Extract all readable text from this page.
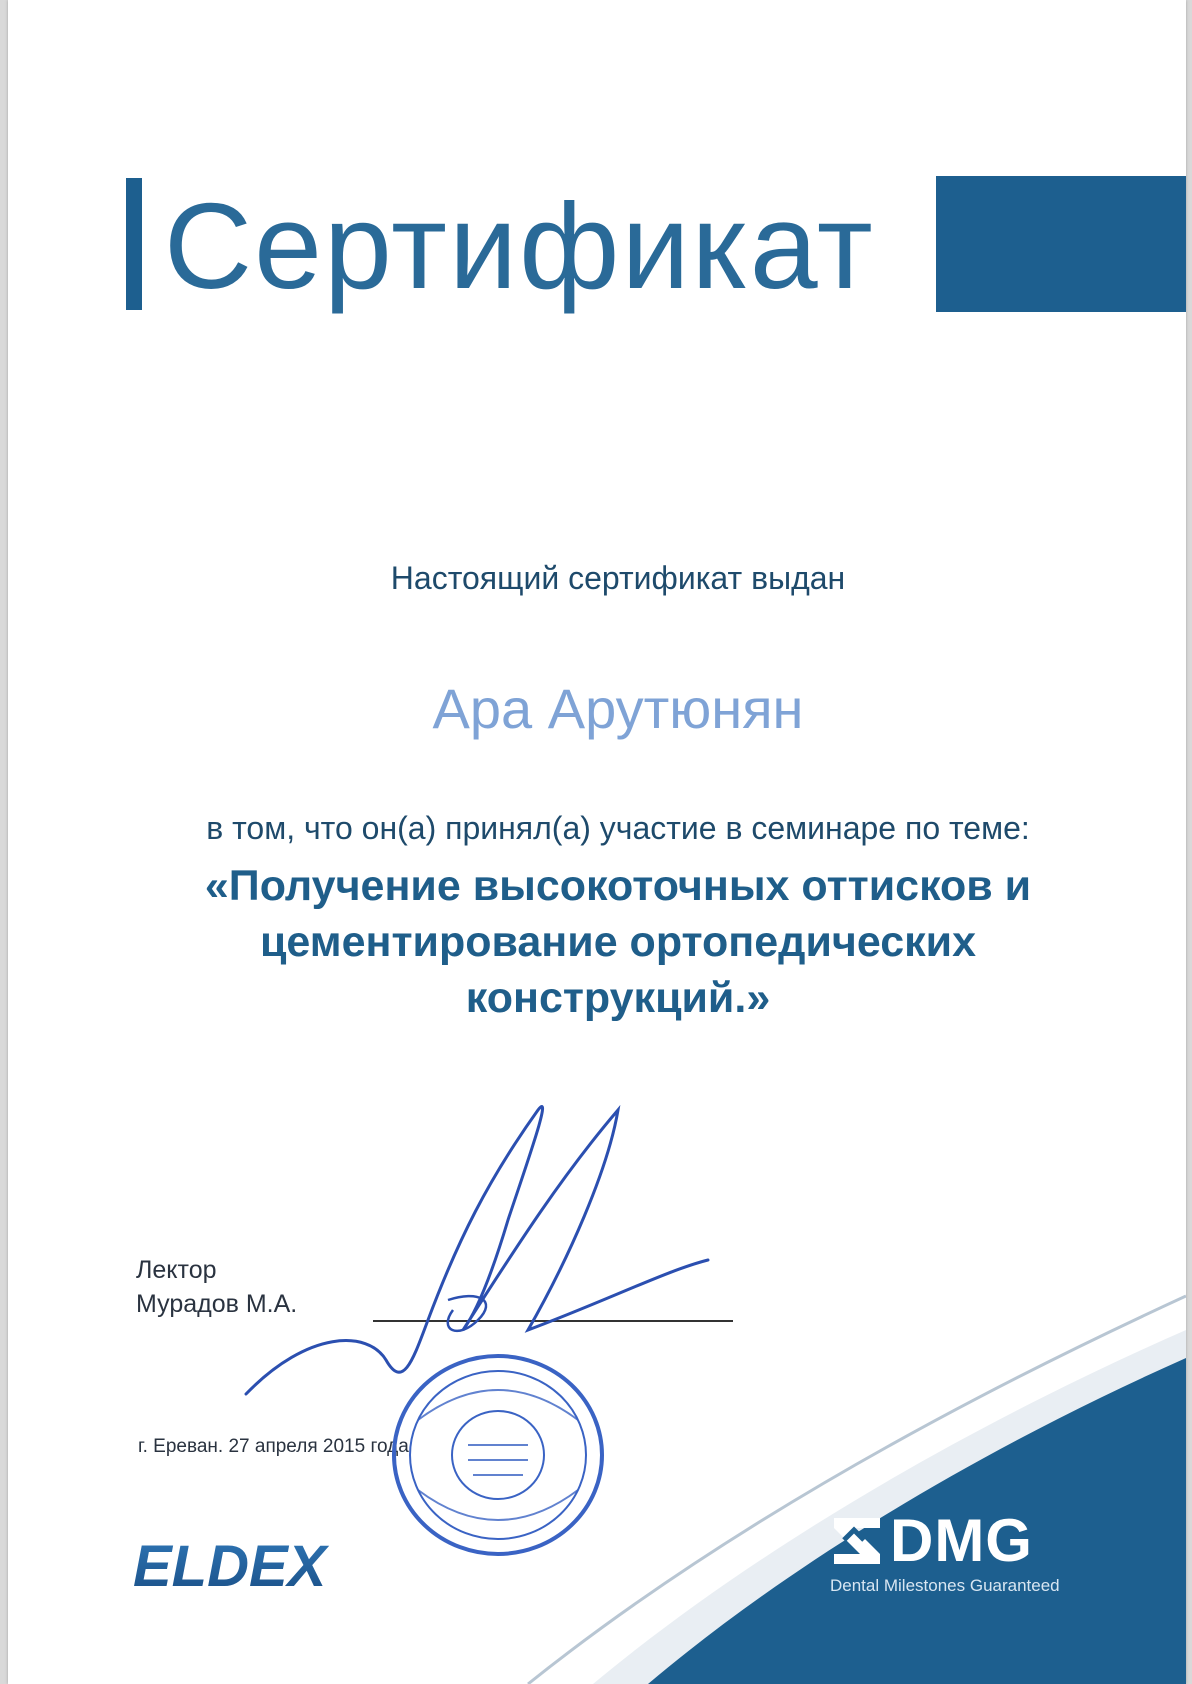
Сертификат
Настоящий сертификат выдан
Ара Арутюнян
в том, что он(а) принял(а) участие в семинаре по теме:
«Получение высокоточных оттисков и
цементирование ортопедических
конструкций.»
Лектор
Мурадов М.А.
г. Ереван. 27 апреля 2015 года
ELDEX	DMG
Dental Milestones Guaranteed
